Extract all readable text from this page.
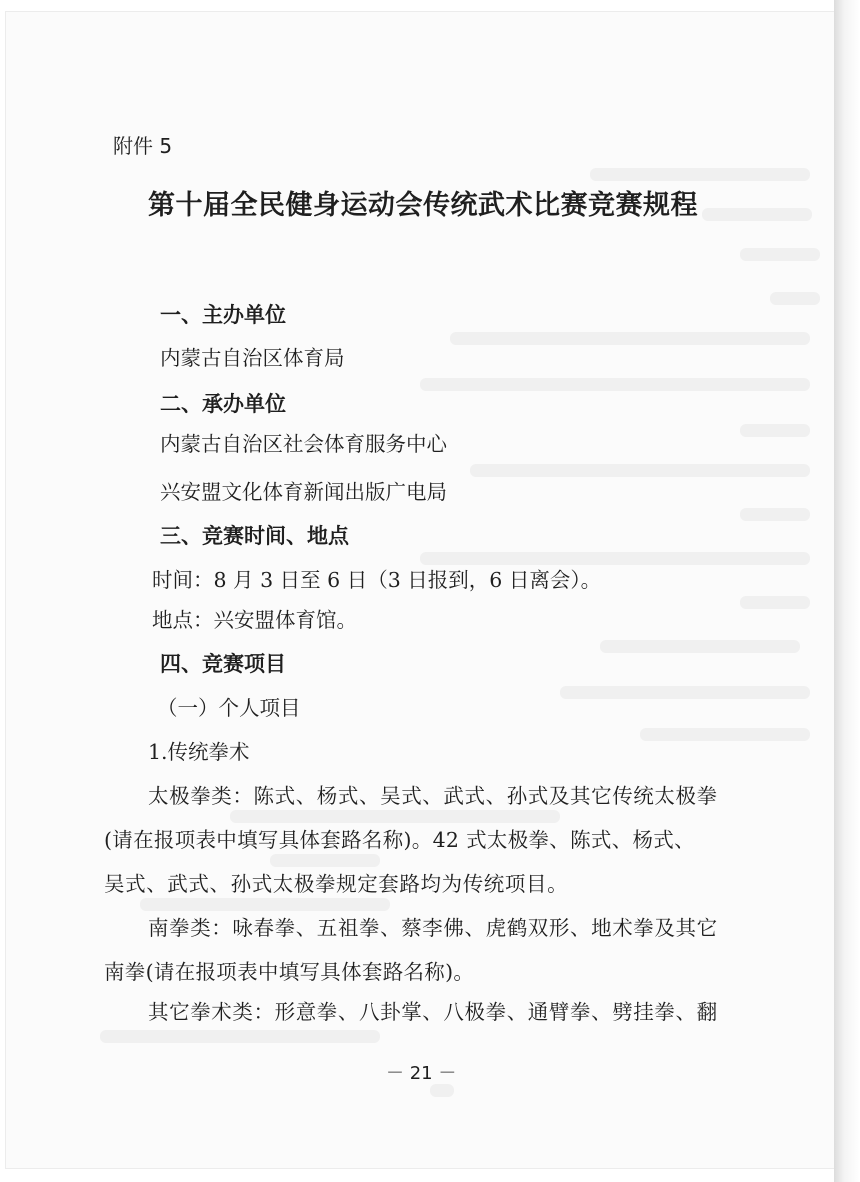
附件 5
第十届全民健身运动会传统武术比赛竞赛规程
一、主办单位
内蒙古自治区体育局
二、承办单位
内蒙古自治区社会体育服务中心
兴安盟文化体育新闻出版广电局
三、竞赛时间、地点
时间：8 月 3 日至 6 日（3 日报到，6 日离会）。
地点：兴安盟体育馆。
四、竞赛项目
（一）个人项目
1.传统拳术
太极拳类：陈式、杨式、吴式、武式、孙式及其它传统太极拳
(请在报项表中填写具体套路名称)。42 式太极拳、陈式、杨式、
吴式、武式、孙式太极拳规定套路均为传统项目。
南拳类：咏春拳、五祖拳、蔡李佛、虎鹤双形、地术拳及其它
南拳(请在报项表中填写具体套路名称)。
其它拳术类：形意拳、八卦掌、八极拳、通臂拳、劈挂拳、翻
－ 21 －
